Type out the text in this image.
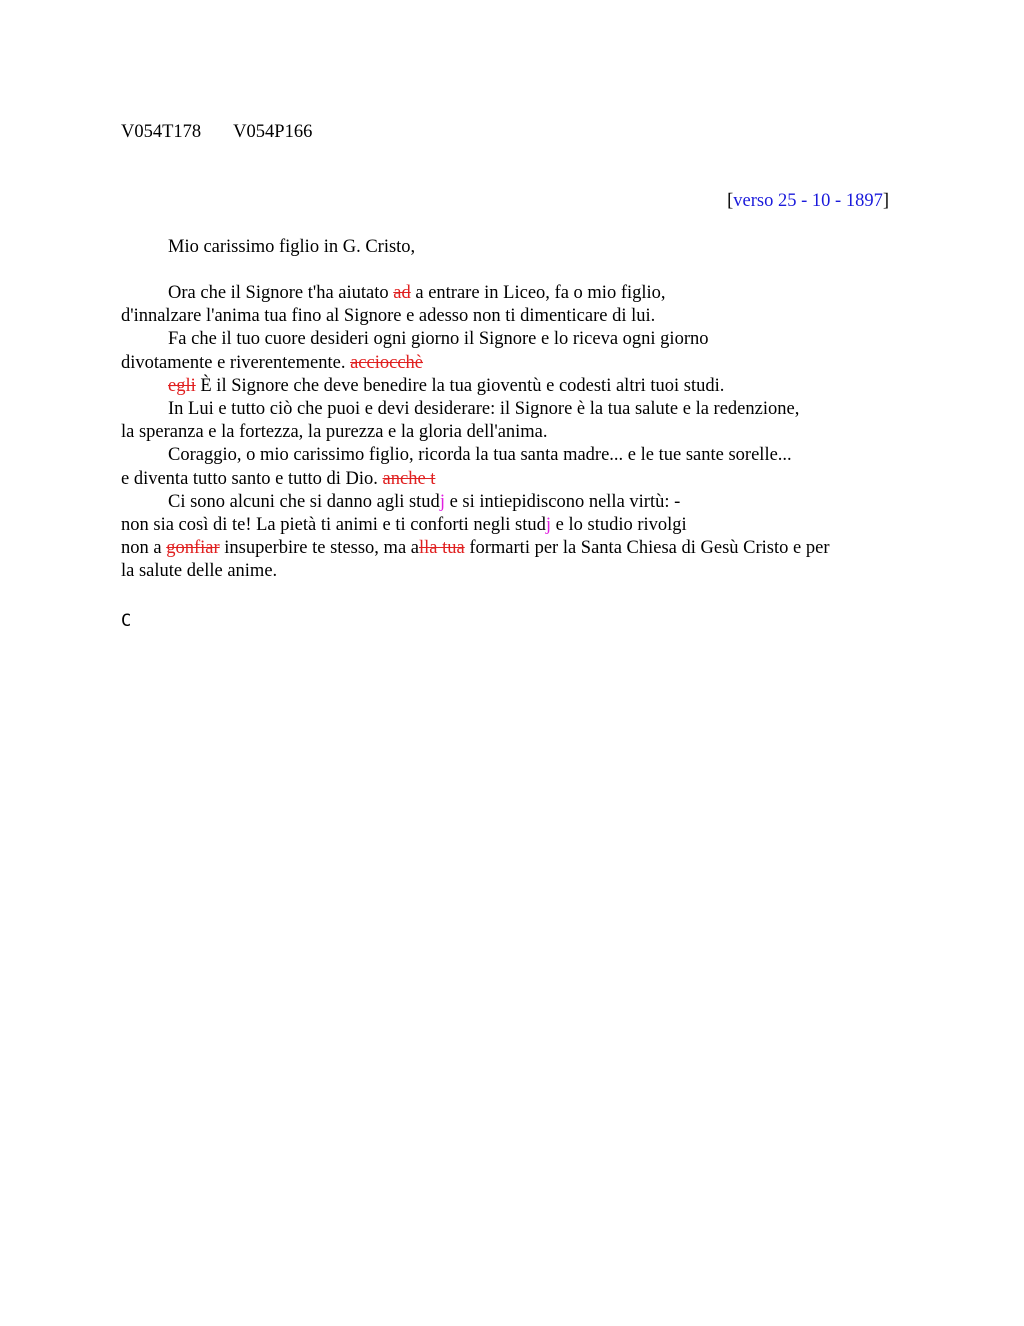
V054T178 V054P166
[verso 25 - 10 - 1897]
Mio carissimo figlio in G. Cristo,
Ora che il Signore t'ha aiutato ad a entrare in Liceo, fa o mio figlio,
d'innalzare l'anima tua fino al Signore e adesso non ti dimenticare di lui.
Fa che il tuo cuore desideri ogni giorno il Signore e lo riceva ogni giorno
divotamente e riverentemente. acciocchè
egli È il Signore che deve benedire la tua gioventù e codesti altri tuoi studi.
In Lui e tutto ciò che puoi e devi desiderare: il Signore è la tua salute e la redenzione,
la speranza e la fortezza, la purezza e la gloria dell'anima.
Coraggio, o mio carissimo figlio, ricorda la tua santa madre... e le tue sante sorelle...
e diventa tutto santo e tutto di Dio. anche t
Ci sono alcuni che si danno agli studj e si intiepidiscono nella virtù: -
non sia così di te! La pietà ti animi e ti conforti negli studj e lo studio rivolgi
non a gonfiar insuperbire te stesso, ma alla tua formarti per la Santa Chiesa di Gesù Cristo e per
la salute delle anime.
C
